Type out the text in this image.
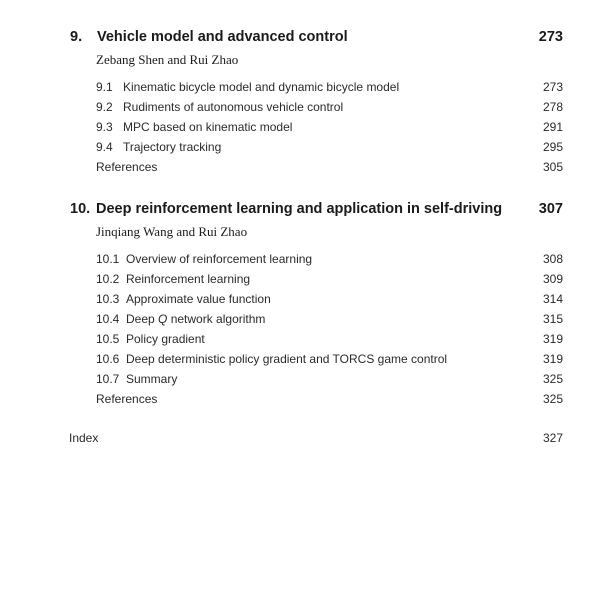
9. Vehicle model and advanced control	273
Zebang Shen and Rui Zhao
9.1 Kinematic bicycle model and dynamic bicycle model	273
9.2 Rudiments of autonomous vehicle control	278
9.3 MPC based on kinematic model	291
9.4 Trajectory tracking	295
References	305
10. Deep reinforcement learning and application in self-driving	307
Jinqiang Wang and Rui Zhao
10.1 Overview of reinforcement learning	308
10.2 Reinforcement learning	309
10.3 Approximate value function	314
10.4 Deep Q network algorithm	315
10.5 Policy gradient	319
10.6 Deep deterministic policy gradient and TORCS game control	319
10.7 Summary	325
References	325
Index	327
